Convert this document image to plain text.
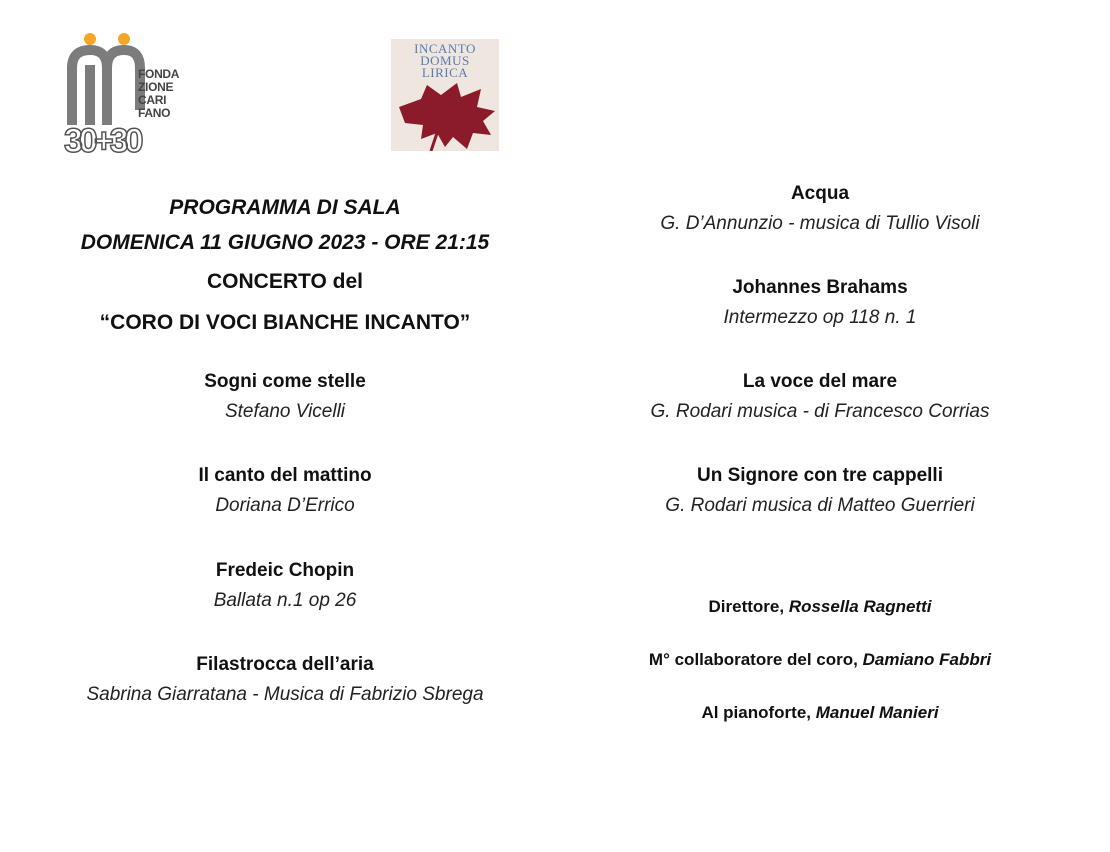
FONDA
ZIONE
CARI
FANO
30+30
INCANTO
DOMUS
LIRICA
PROGRAMMA DI SALA
DOMENICA 11 GIUGNO 2023 - ORE 21:15
CONCERTO del
“CORO DI VOCI BIANCHE INCANTO”
Sogni come stelle
Stefano Vicelli
Il canto del mattino
Doriana D’Errico
Fredeic Chopin
Ballata n.1 op 26
Filastrocca dell’aria
Sabrina Giarratana - Musica di Fabrizio Sbrega
Acqua
G. D’Annunzio - musica di Tullio Visoli
Johannes Brahams
Intermezzo op 118 n. 1
La voce del mare
G. Rodari musica - di Francesco Corrias
Un Signore con tre cappelli
G. Rodari musica di Matteo Guerrieri
Direttore, Rossella Ragnetti
M° collaboratore del coro, Damiano Fabbri
Al pianoforte, Manuel Manieri
